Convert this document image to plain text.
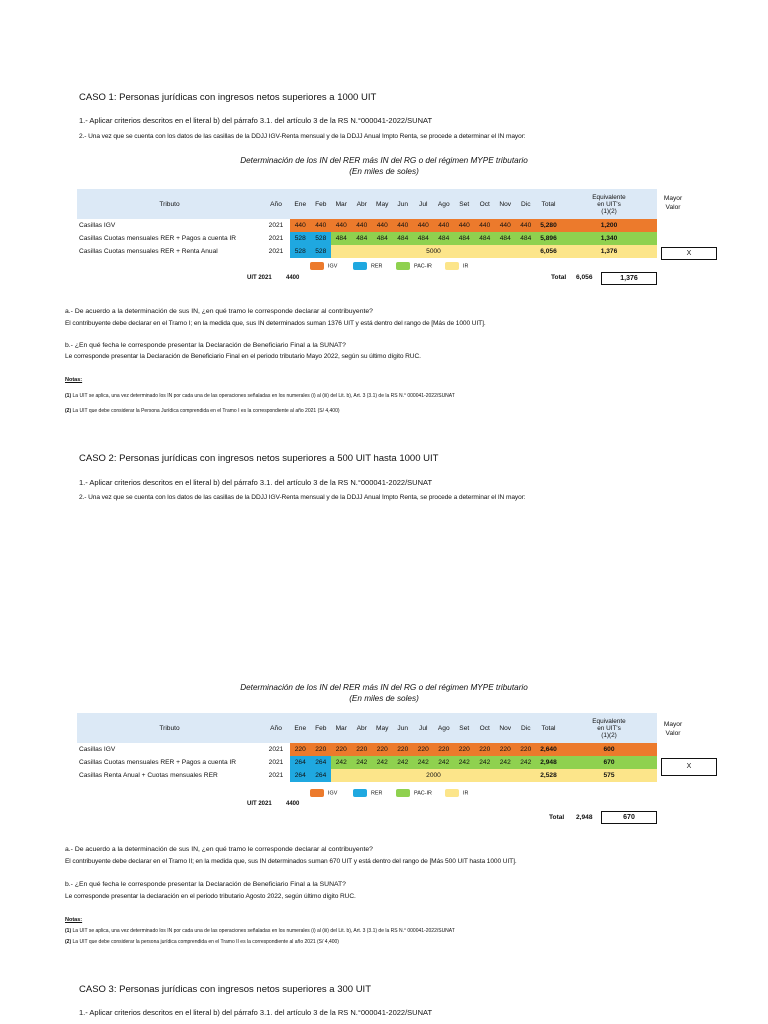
CASO 1: Personas jurídicas con ingresos netos superiores a 1000 UIT
1.- Aplicar criterios descritos en el literal b) del párrafo 3.1. del artículo 3 de la RS N.°000041-2022/SUNAT
2.- Una vez que se cuenta con los datos de las casillas de la DDJJ IGV-Renta mensual y de la DDJJ Anual Impto Renta, se procede a determinar el IN mayor:
Determinación de los IN del RER más IN del RG o del régimen MYPE tributario
(En miles de soles)
Tributo	Año	Ene	Feb	Mar	Abr	May	Jun	Jul	Ago	Set	Oct	Nov	Dic	Total	Equivalente
en UIT's
(1)(2)

Casillas IGV	2021	440	440	440	440	440	440	440	440	440	440	440	440	5,280	1,200
Casillas Cuotas mensuales RER + Pagos a cuenta IR	2021	528	528	484	484	484	484	484	484	484	484	484	484	5,896	1,340
Casillas Cuotas mensuales RER + Renta Anual	2021	528	528	5000										6,056	1,376
Mayor
Valor
X
UIT 2021 4400
IGV	RER	PAC-IR	IR
Total 6,056	1,376
a.- De acuerdo a la determinación de sus IN, ¿en qué tramo le corresponde declarar al contribuyente?
El contribuyente debe declarar en el Tramo I; en la medida que, sus IN determinados suman 1376 UIT y está dentro del rango de [Más de 1000 UIT].
b.- ¿En qué fecha le corresponde presentar la Declaración de Beneficiario Final a la SUNAT?
Le corresponde presentar la Declaración de Beneficiario Final en el periodo tributario Mayo 2022, según su último dígito RUC.
Notas:
(1) La UIT se aplica, una vez determinado los IN por cada una de las operaciones señaladas en los numerales (i) al (iii) del Lit. b), Art. 3 (3.1) de la RS N.° 000041-2022/SUNAT
(2) La UIT que debe considerar la Persona Jurídica comprendida en el Tramo I es la correspondiente al año 2021 (S/ 4,400)
CASO 2: Personas jurídicas con ingresos netos superiores a 500 UIT hasta 1000 UIT
1.- Aplicar criterios descritos en el literal b) del párrafo 3.1. del artículo 3 de la RS N.°000041-2022/SUNAT
2.- Una vez que se cuenta con los datos de las casillas de la DDJJ IGV-Renta mensual y de la DDJJ Anual Impto Renta, se procede a determinar el IN mayor:
Determinación de los IN del RER más IN del RG o del régimen MYPE tributario
(En miles de soles)
Tributo	Año	Ene	Feb	Mar	Abr	May	Jun	Jul	Ago	Set	Oct	Nov	Dic	Total	Equivalente
en UIT's
(1)(2)

Casillas IGV	2021	220	220	220	220	220	220	220	220	220	220	220	220	2,640	600
Casillas Cuotas mensuales RER + Pagos a cuenta IR	2021	264	264	242	242	242	242	242	242	242	242	242	242	2,948	670
Casillas Renta Anual + Cuotas mensuales RER	2021	264	264	2000										2,528	575
Mayor
Valor
X
UIT 2021 4400
IGV	RER	PAC-IR	IR
Total 2,948	670
a.- De acuerdo a la determinación de sus IN, ¿en qué tramo le corresponde declarar al contribuyente?
El contribuyente debe declarar en el Tramo II; en la medida que, sus IN determinados suman 670 UIT y está dentro del rango de [Más 500 UIT hasta 1000 UIT].
b.- ¿En qué fecha le corresponde presentar la Declaración de Beneficiario Final a la SUNAT?
Le corresponde presentar la declaración en el periodo tributario Agosto 2022, según último dígito RUC.
Notas:
(1) La UIT se aplica, una vez determinado los IN por cada una de las operaciones señaladas en los numerales (i) al (iii) del Lit. b), Art. 3 (3.1) de la RS N.° 000041-2022/SUNAT
(2) La UIT que debe considerar la persona jurídica comprendida en el Tramo II es la correspondiente al año 2021 (S/ 4,400)
CASO 3: Personas jurídicas con ingresos netos superiores a 300 UIT
1.- Aplicar criterios descritos en el literal b) del párrafo 3.1. del artículo 3 de la RS N.°000041-2022/SUNAT
